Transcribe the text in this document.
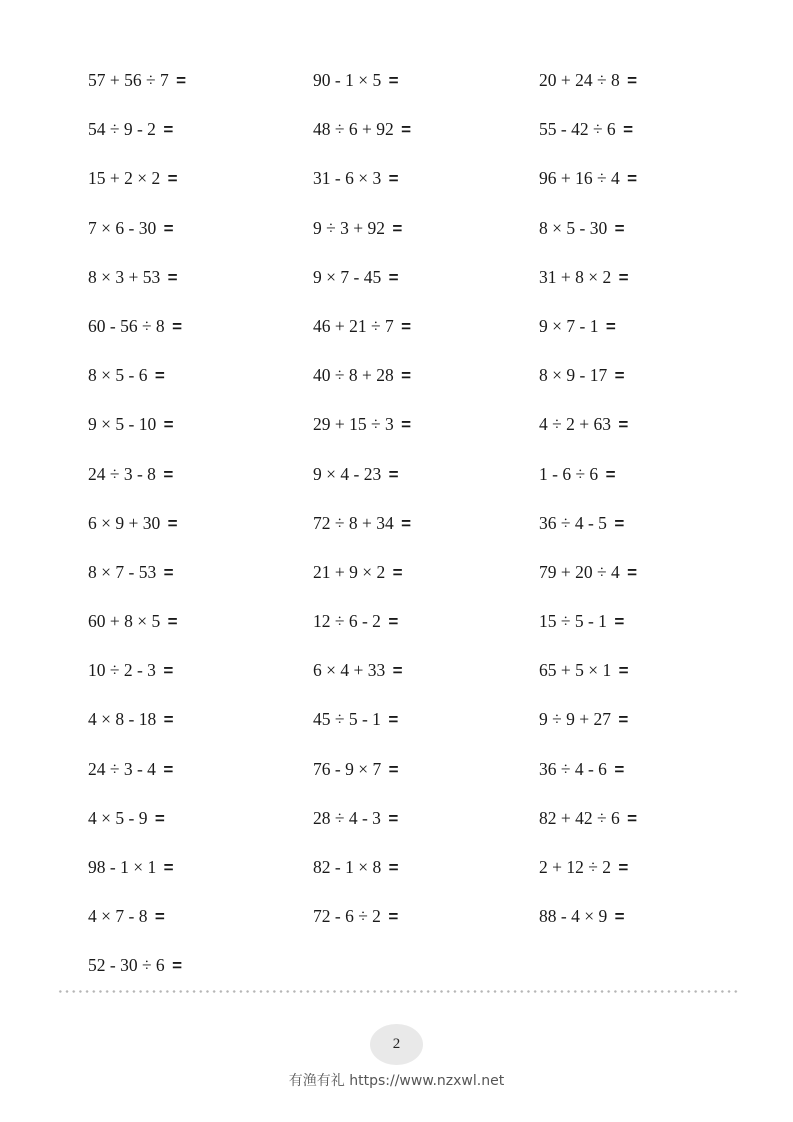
57 + 56 ÷ 7 =
54 ÷ 9 - 2 =
15 + 2 × 2 =
7 × 6 - 30 =
8 × 3 + 53 =
60 - 56 ÷ 8 =
8 × 5 - 6 =
9 × 5 - 10 =
24 ÷ 3 - 8 =
6 × 9 + 30 =
8 × 7 - 53 =
60 + 8 × 5 =
10 ÷ 2 - 3 =
4 × 8 - 18 =
24 ÷ 3 - 4 =
4 × 5 - 9 =
98 - 1 × 1 =
4 × 7 - 8 =
52 - 30 ÷ 6 =
90 - 1 × 5 =
48 ÷ 6 + 92 =
31 - 6 × 3 =
9 ÷ 3 + 92 =
9 × 7 - 45 =
46 + 21 ÷ 7 =
40 ÷ 8 + 28 =
29 + 15 ÷ 3 =
9 × 4 - 23 =
72 ÷ 8 + 34 =
21 + 9 × 2 =
12 ÷ 6 - 2 =
6 × 4 + 33 =
45 ÷ 5 - 1 =
76 - 9 × 7 =
28 ÷ 4 - 3 =
82 - 1 × 8 =
72 - 6 ÷ 2 =
20 + 24 ÷ 8 =
55 - 42 ÷ 6 =
96 + 16 ÷ 4 =
8 × 5 - 30 =
31 + 8 × 2 =
9 × 7 - 1 =
8 × 9 - 17 =
4 ÷ 2 + 63 =
1 - 6 ÷ 6 =
36 ÷ 4 - 5 =
79 + 20 ÷ 4 =
15 ÷ 5 - 1 =
65 + 5 × 1 =
9 ÷ 9 + 27 =
36 ÷ 4 - 6 =
82 + 42 ÷ 6 =
2 + 12 ÷ 2 =
88 - 4 × 9 =
2
有渔有礼 https://www.nzxwl.net
